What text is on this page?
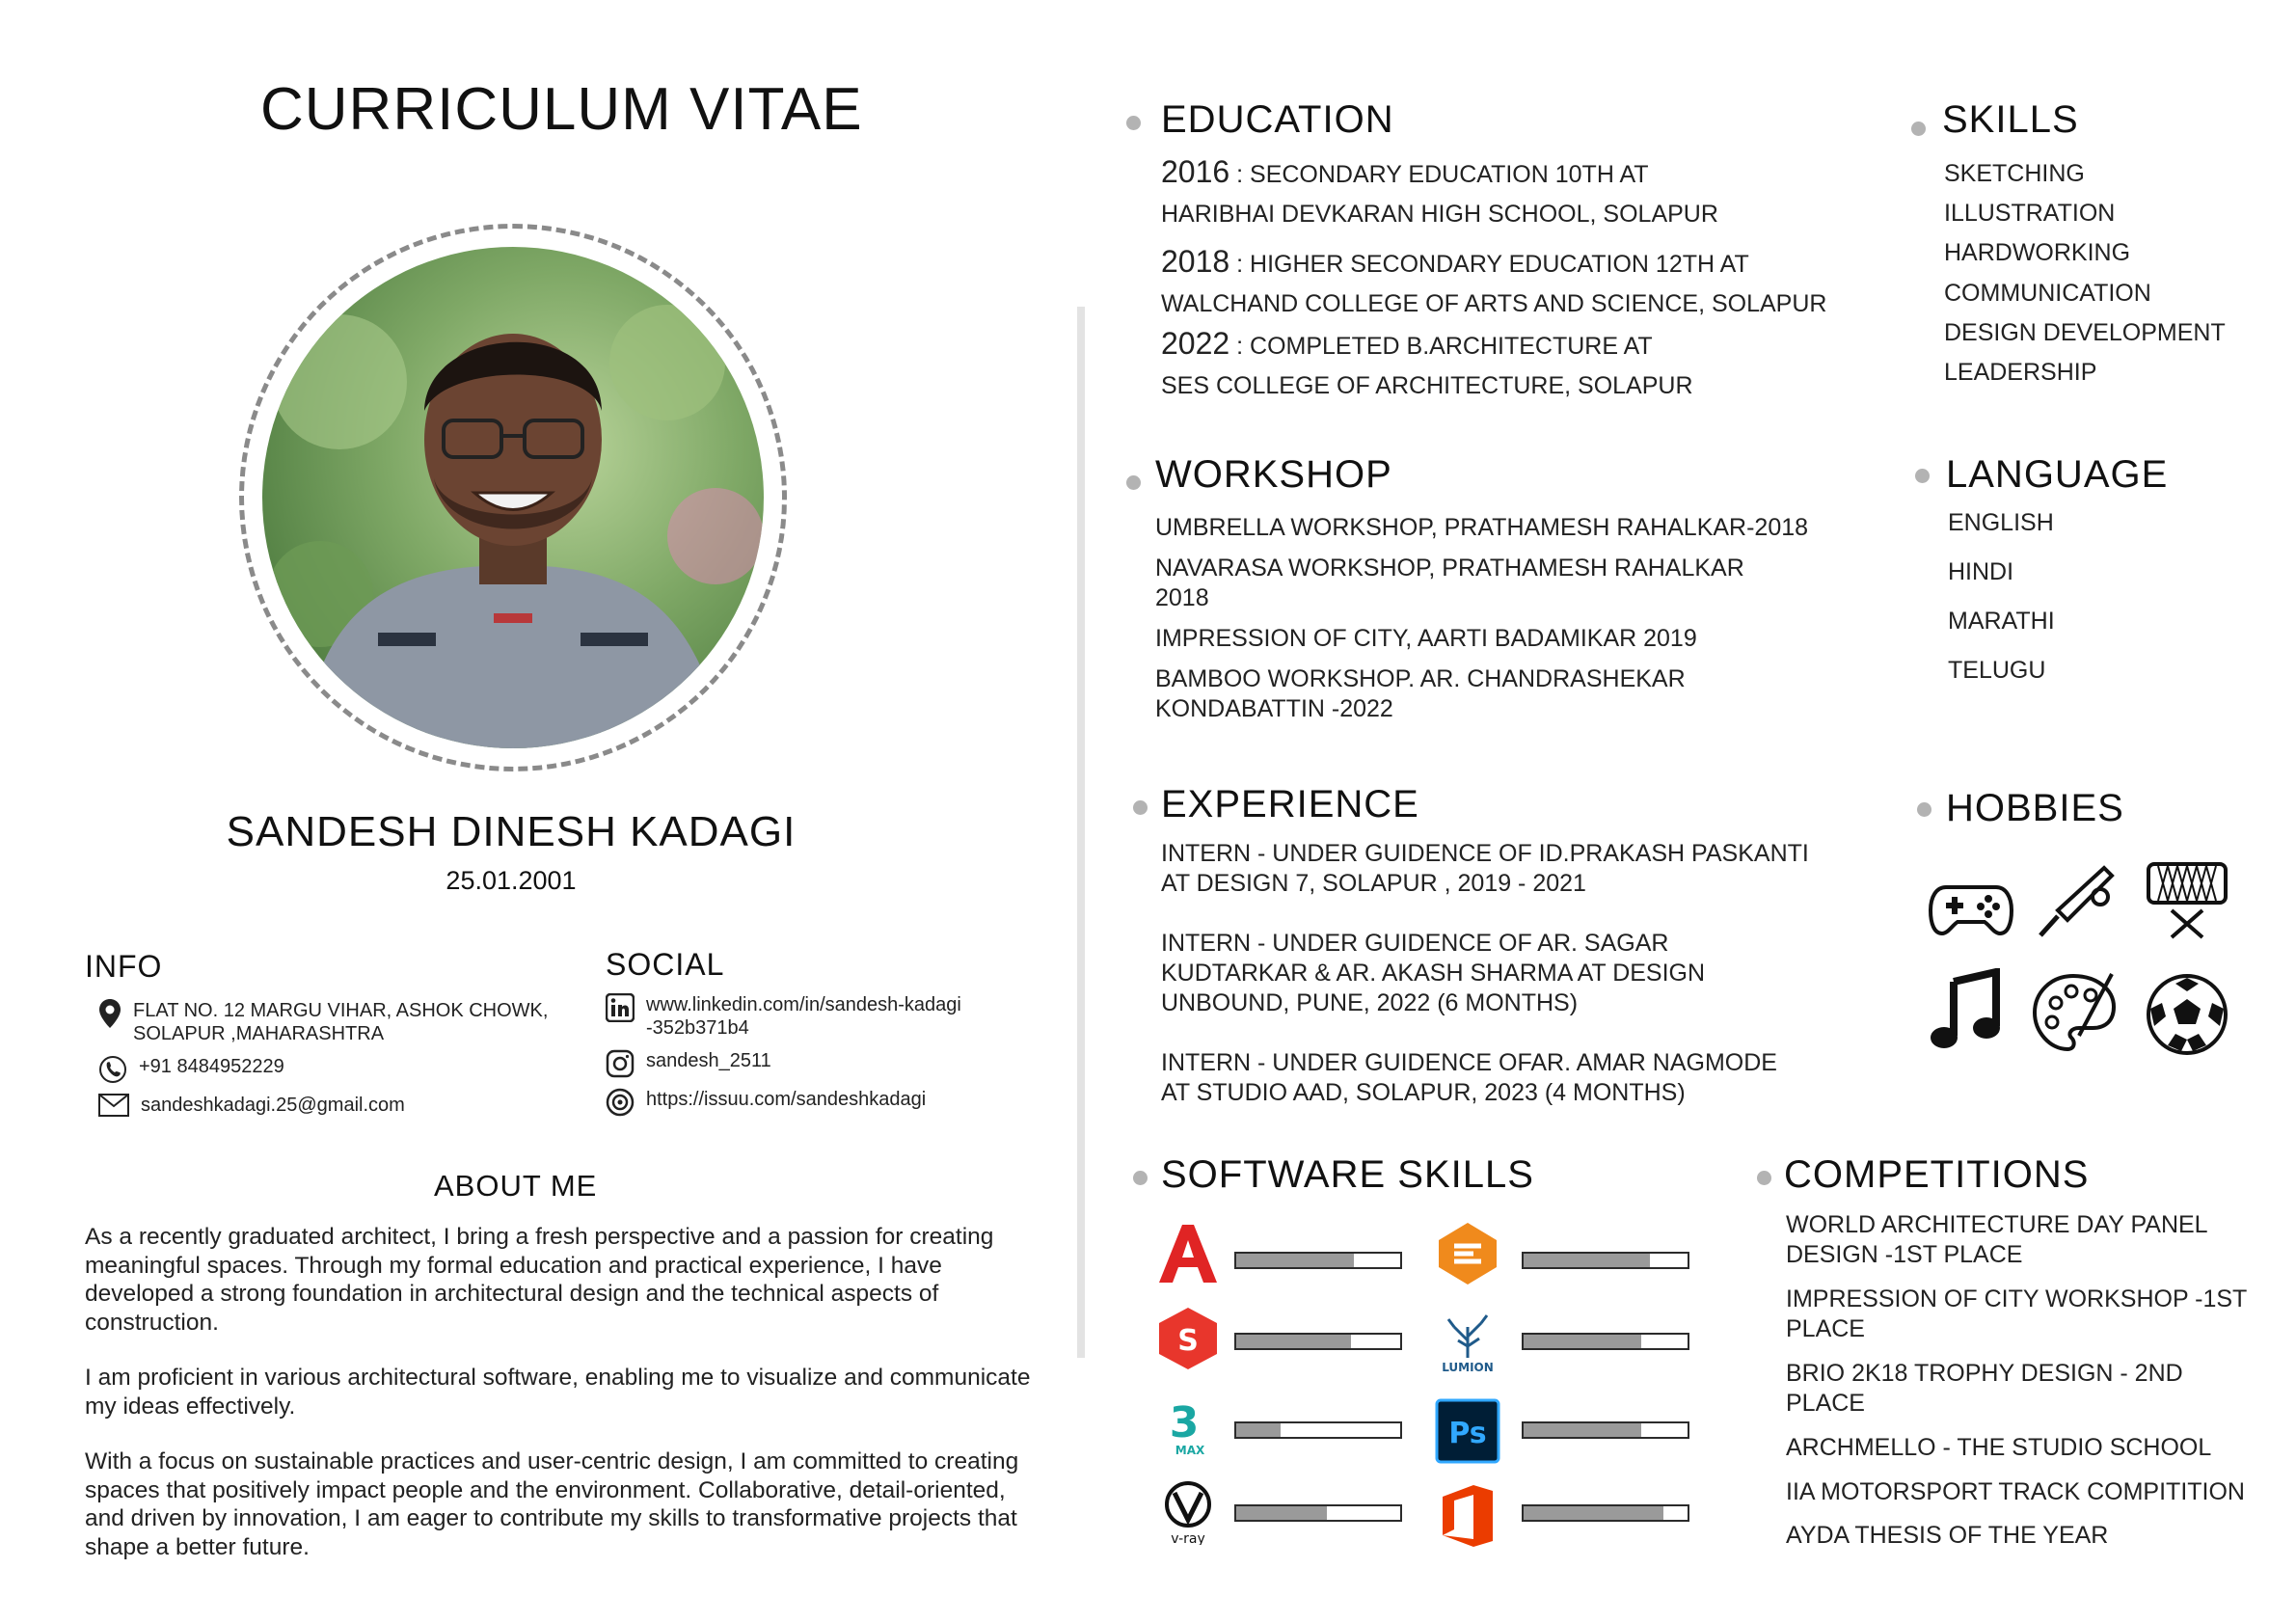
CURRICULUM VITAE
SANDESH DINESH KADAGI
25.01.2001
INFO
FLAT NO. 12 MARGU VIHAR, ASHOK CHOWK,
SOLAPUR ,MAHARASHTRA
+91 8484952229
sandeshkadagi.25@gmail.com
SOCIAL
www.linkedin.com/in/sandesh-kadagi
-352b371b4
sandesh_2511
https://issuu.com/sandeshkadagi
ABOUT ME

As a recently graduated architect, I bring a fresh perspective and a passion for creating meaningful spaces. Through my formal education and practical experience, I have developed a strong foundation in architectural design and the technical aspects of construction.

I am proficient in various architectural software, enabling me to visualize and communicate my ideas effectively.

With a focus on sustainable practices and user-centric design, I am committed to creating spaces that positively impact people and the environment. Collaborative, detail-oriented, and driven by innovation, I am eager to contribute my skills to transformative projects that shape a better future.

EDUCATION
2016 : SECONDARY EDUCATION 10TH AT
HARIBHAI DEVKARAN HIGH SCHOOL, SOLAPUR
2018 : HIGHER SECONDARY EDUCATION 12TH AT
WALCHAND COLLEGE OF ARTS AND SCIENCE, SOLAPUR
2022 : COMPLETED B.ARCHITECTURE AT
SES COLLEGE OF ARCHITECTURE, SOLAPUR
SKILLS
SKETCHING
ILLUSTRATION
HARDWORKING
COMMUNICATION
DESIGN DEVELOPMENT
LEADERSHIP
WORKSHOP
UMBRELLA WORKSHOP, PRATHAMESH RAHALKAR-2018
NAVARASA WORKSHOP, PRATHAMESH RAHALKAR
2018
IMPRESSION OF CITY, AARTI BADAMIKAR 2019
BAMBOO WORKSHOP. AR. CHANDRASHEKAR
KONDABATTIN -2022
LANGUAGE
ENGLISH
HINDI
MARATHI
TELUGU
EXPERIENCE
INTERN - UNDER GUIDENCE OF ID.PRAKASH PASKANTI
AT DESIGN 7, SOLAPUR , 2019 - 2021
INTERN - UNDER GUIDENCE OF AR. SAGAR
KUDTARKAR & AR. AKASH SHARMA AT DESIGN
UNBOUND, PUNE, 2022 (6 MONTHS)
INTERN - UNDER GUIDENCE OFAR. AMAR NAGMODE
AT STUDIO AAD, SOLAPUR, 2023 (4 MONTHS)
HOBBIES
SOFTWARE SKILLS
S
3
MAX
v-ray
LUMION
Ps
COMPETITIONS
WORLD ARCHITECTURE DAY PANEL
DESIGN -1ST PLACE
IMPRESSION OF CITY WORKSHOP -1ST
PLACE
BRIO 2K18 TROPHY DESIGN - 2ND
PLACE
ARCHMELLO - THE STUDIO SCHOOL
IIA MOTORSPORT TRACK COMPITITION
AYDA THESIS OF THE YEAR
